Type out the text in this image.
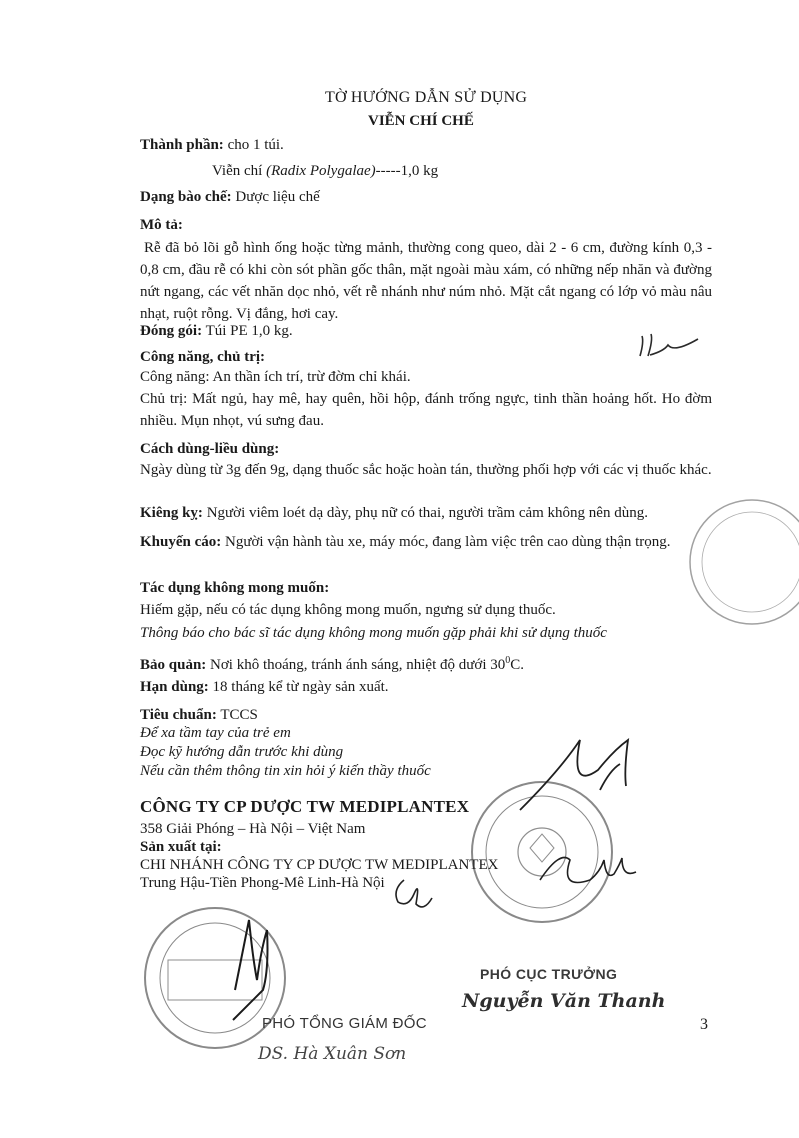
TỜ HƯỚNG DẪN SỬ DỤNG
VIỄN CHÍ CHẾ
Thành phần: cho 1 túi.
Viễn chí (Radix Polygalae)-----1,0 kg
Dạng bào chế: Dược liệu chế
Mô tả:
Rễ đã bỏ lõi gỗ hình ống hoặc từng mảnh, thường cong queo, dài 2 - 6 cm, đường kính 0,3 - 0,8 cm, đầu rễ có khi còn sót phần gốc thân, mặt ngoài màu xám, có những nếp nhăn và đường nứt ngang, các vết nhăn dọc nhỏ, vết rễ nhánh như núm nhỏ. Mặt cắt ngang có lớp vỏ màu nâu nhạt, ruột rỗng. Vị đắng, hơi cay.
Đóng gói: Túi PE 1,0 kg.
Công năng, chủ trị:
Công năng: An thần ích trí, trừ đờm chỉ khái.
Chủ trị: Mất ngủ, hay mê, hay quên, hồi hộp, đánh trống ngực, tinh thần hoảng hốt. Ho đờm nhiều. Mụn nhọt, vú sưng đau.
Cách dùng-liều dùng:
Ngày dùng từ 3g đến 9g, dạng thuốc sắc hoặc hoàn tán, thường phối hợp với các vị thuốc khác.
Kiêng kỵ: Người viêm loét dạ dày, phụ nữ có thai, người trầm cảm không nên dùng.
Khuyến cáo: Người vận hành tàu xe, máy móc, đang làm việc trên cao dùng thận trọng.
Tác dụng không mong muốn:
Hiếm gặp, nếu có tác dụng không mong muốn, ngưng sử dụng thuốc.
Thông báo cho bác sĩ tác dụng không mong muốn gặp phải khi sử dụng thuốc
Bảo quản: Nơi khô thoáng, tránh ánh sáng, nhiệt độ dưới $30^0C$.
Hạn dùng: 18 tháng kể từ ngày sản xuất.
Tiêu chuẩn: TCCS
Để xa tầm tay của trẻ em
Đọc kỹ hướng dẫn trước khi dùng
Nếu cần thêm thông tin xin hỏi ý kiến thầy thuốc
CÔNG TY CP DƯỢC TW MEDIPLANTEX
358 Giải Phóng – Hà Nội – Việt Nam
Sản xuất tại:
CHI NHÁNH CÔNG TY CP DƯỢC TW MEDIPLANTEX
Trung Hậu-Tiền Phong-Mê Linh-Hà Nội
PHÓ TỔNG GIÁM ĐỐC
DS. Hà Xuân Sơn
PHÓ CỤC TRƯỞNG
Nguyễn Văn Thanh
3
